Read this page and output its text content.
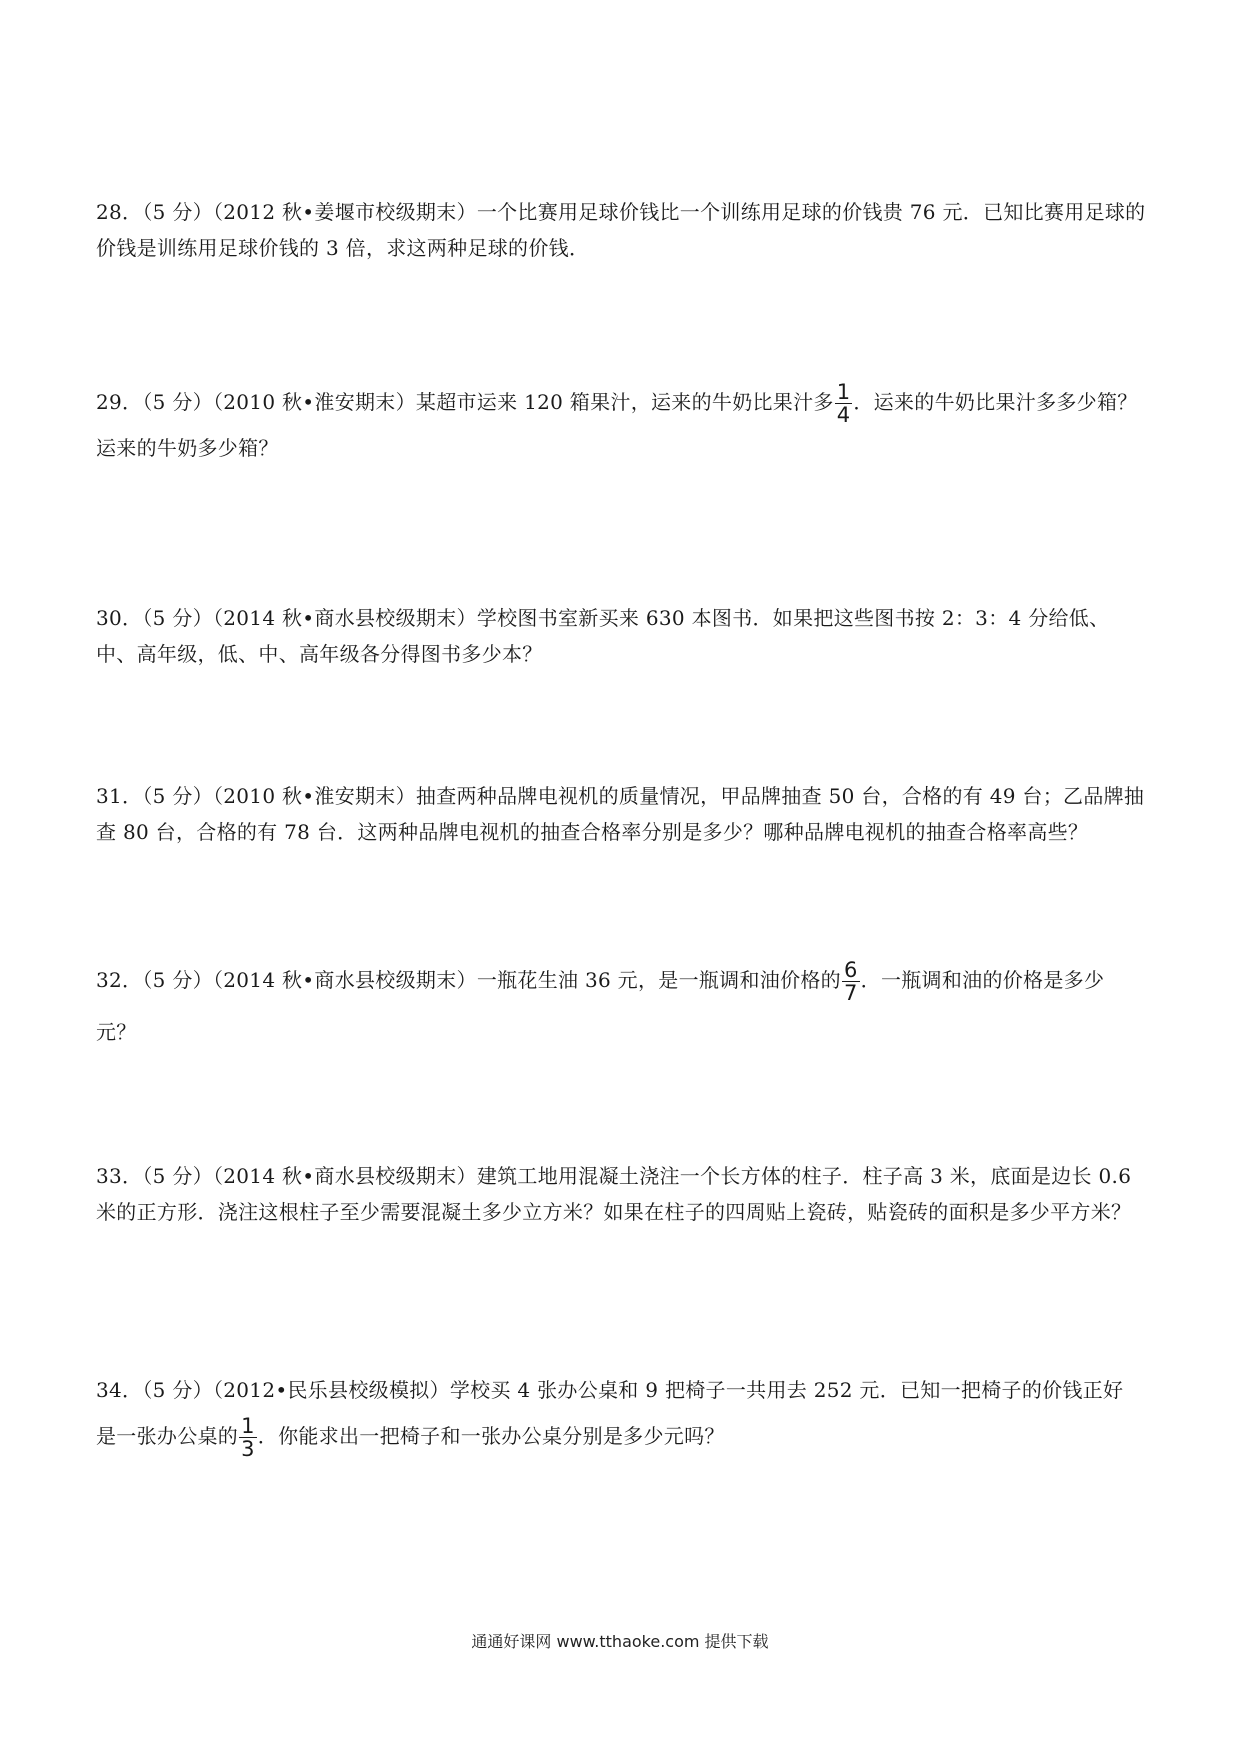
28．（5 分）（2012 秋•姜堰市校级期末）一个比赛用足球价钱比一个训练用足球的价钱贵 76 元．已知比赛用足球的价钱是训练用足球价钱的 3 倍，求这两种足球的价钱．

29．（5 分）（2010 秋•淮安期末）某超市运来 120 箱果汁，运来的牛奶比果汁多 $\frac{1}{4}$ ．运来的牛奶比果汁多多少箱？

运来的牛奶多少箱？

30．（5 分）（2014 秋•商水县校级期末）学校图书室新买来 630 本图书．如果把这些图书按 2：3：4 分给低、中、高年级，低、中、高年级各分得图书多少本？

31．（5 分）（2010 秋•淮安期末）抽查两种品牌电视机的质量情况，甲品牌抽查 50 台，合格的有 49 台；乙品牌抽查 80 台，合格的有 78 台．这两种品牌电视机的抽查合格率分别是多少？哪种品牌电视机的抽查合格率高些？

32．（5 分）（2014 秋•商水县校级期末）一瓶花生油 36 元，是一瓶调和油价格的 $\frac{6}{7}$ ．一瓶调和油的价格是多少

元？

33．（5 分）（2014 秋•商水县校级期末）建筑工地用混凝土浇注一个长方体的柱子．柱子高 3 米，底面是边长 0.6 米的正方形．浇注这根柱子至少需要混凝土多少立方米？如果在柱子的四周贴上瓷砖，贴瓷砖的面积是多少平方米？

34．（5 分）（2012•民乐县校级模拟）学校买 4 张办公桌和 9 把椅子一共用去 252 元．已知一把椅子的价钱正好

是一张办公桌的 $\frac{1}{3}$ ．你能求出一把椅子和一张办公桌分别是多少元吗？

通通好课网 www.tthaoke.com 提供下载
